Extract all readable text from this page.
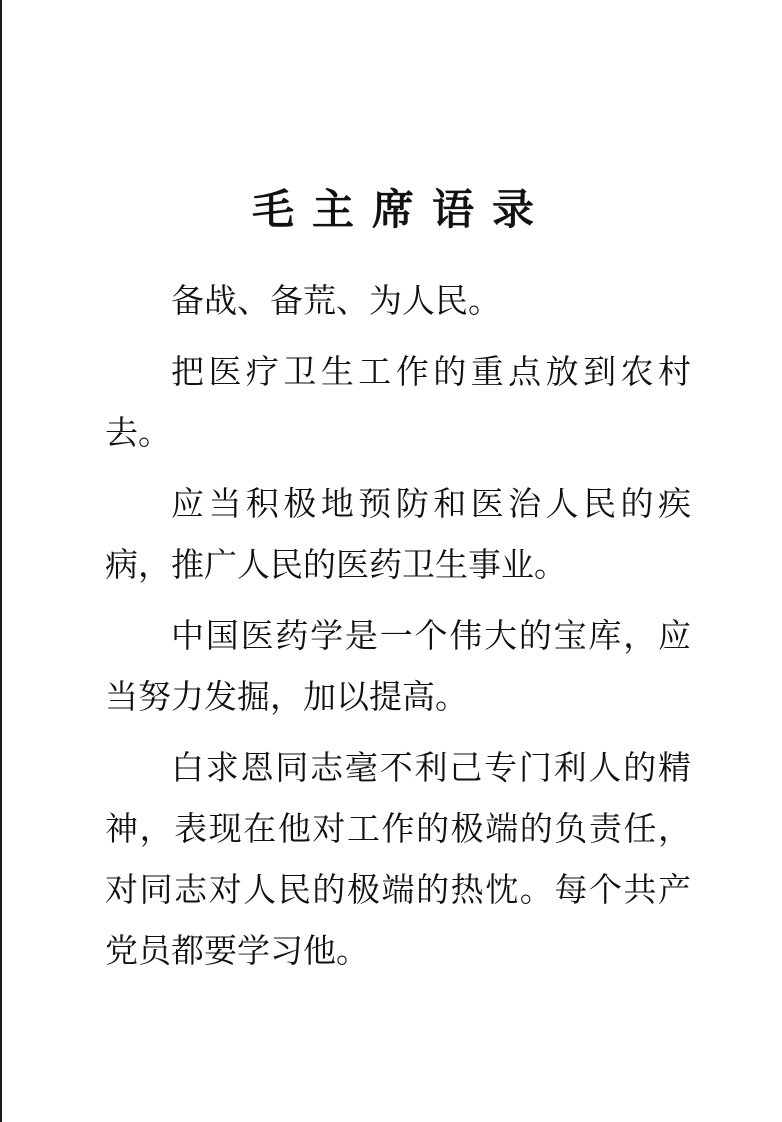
毛主席语录

备战、备荒、为人民。

把医疗卫生工作的重点放到农村去。

应当积极地预防和医治人民的疾病，推广人民的医药卫生事业。

中国医药学是一个伟大的宝库，应当努力发掘，加以提高。

白求恩同志毫不利己专门利人的精神，表现在他对工作的极端的负责任，对同志对人民的极端的热忱。每个共产党员都要学习他。
